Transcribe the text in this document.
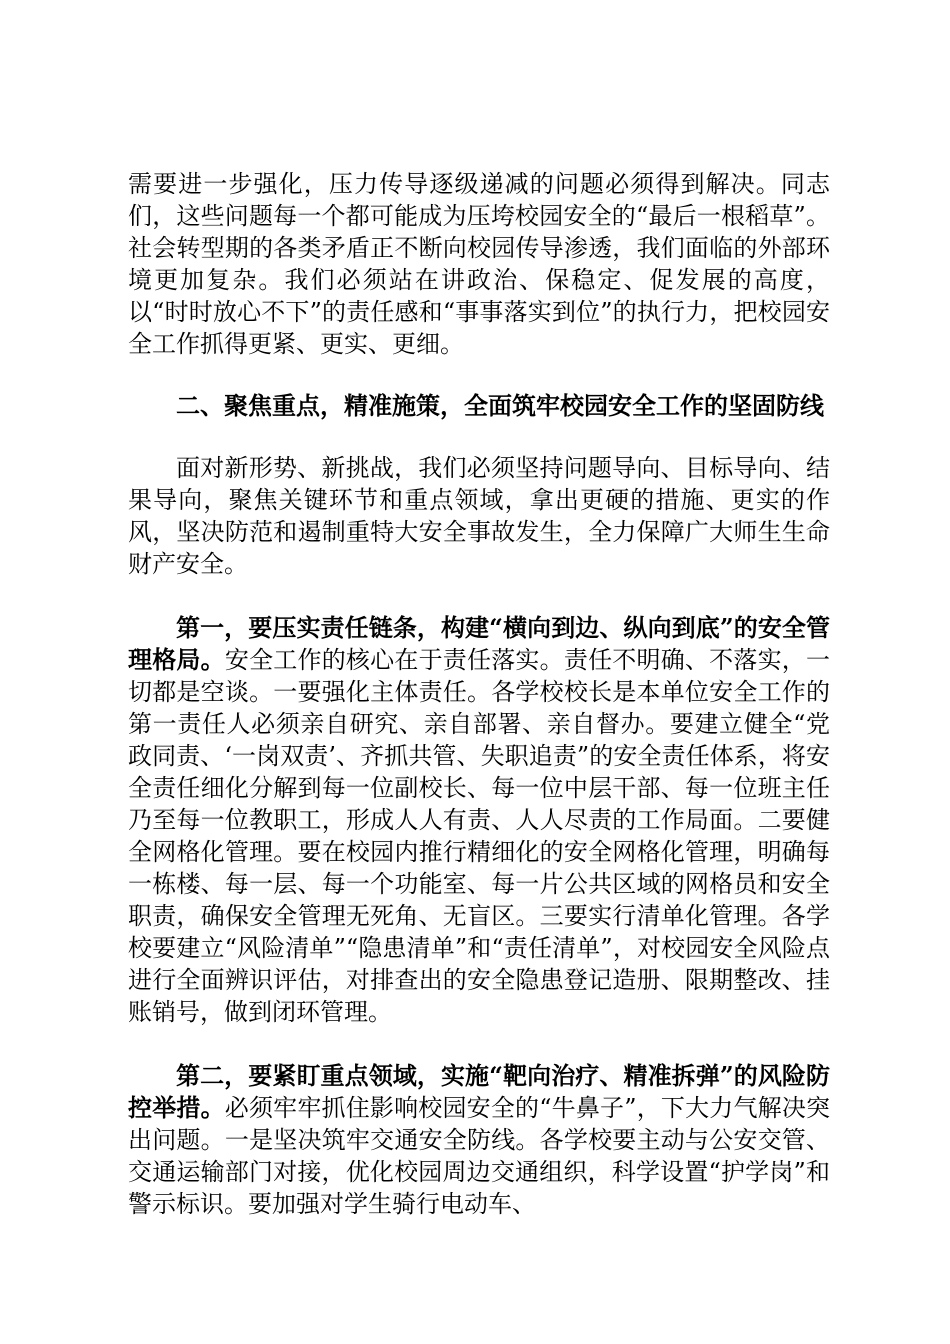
需要进一步强化，压力传导逐级递减的问题必须得到解决。同志们，这些问题每一个都可能成为压垮校园安全的“最后一根稻草”。社会转型期的各类矛盾正不断向校园传导渗透，我们面临的外部环境更加复杂。我们必须站在讲政治、保稳定、促发展的高度，以“时时放心不下”的责任感和“事事落实到位”的执行力，把校园安全工作抓得更紧、更实、更细。

二、聚焦重点，精准施策，全面筑牢校园安全工作的坚固防线

面对新形势、新挑战，我们必须坚持问题导向、目标导向、结果导向，聚焦关键环节和重点领域，拿出更硬的措施、更实的作风，坚决防范和遏制重特大安全事故发生，全力保障广大师生生命财产安全。

第一，要压实责任链条，构建“横向到边、纵向到底”的安全管理格局。安全工作的核心在于责任落实。责任不明确、不落实，一切都是空谈。一要强化主体责任。各学校校长是本单位安全工作的第一责任人必须亲自研究、亲自部署、亲自督办。要建立健全“党政同责、‘一岗双责’、齐抓共管、失职追责”的安全责任体系，将安全责任细化分解到每一位副校长、每一位中层干部、每一位班主任乃至每一位教职工，形成人人有责、人人尽责的工作局面。二要健全网格化管理。要在校园内推行精细化的安全网格化管理，明确每一栋楼、每一层、每一个功能室、每一片公共区域的网格员和安全职责，确保安全管理无死角、无盲区。三要实行清单化管理。各学校要建立“风险清单”“隐患清单”和“责任清单”，对校园安全风险点进行全面辨识评估，对排查出的安全隐患登记造册、限期整改、挂账销号，做到闭环管理。

第二，要紧盯重点领域，实施“靶向治疗、精准拆弹”的风险防控举措。必须牢牢抓住影响校园安全的“牛鼻子”，下大力气解决突出问题。一是坚决筑牢交通安全防线。各学校要主动与公安交管、交通运输部门对接，优化校园周边交通组织，科学设置“护学岗”和警示标识。要加强对学生骑行电动车、
